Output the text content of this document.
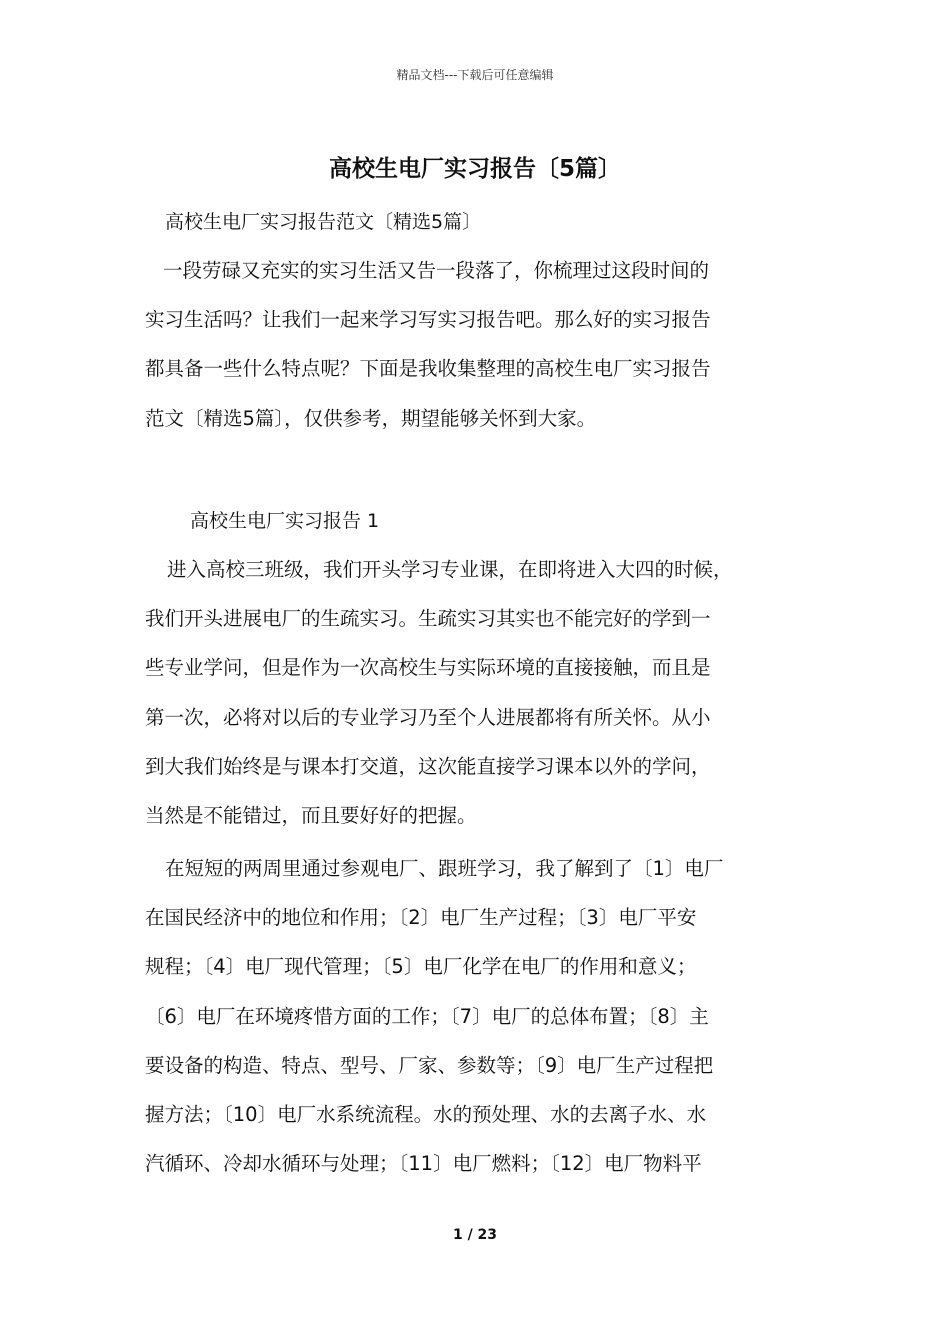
精品文档---下载后可任意编辑
高校生电厂实习报告〔5篇〕
高校生电厂实习报告范文〔精选5篇〕
一段劳碌又充实的实习生活又告一段落了，你梳理过这段时间的
实习生活吗？让我们一起来学习写实习报告吧。那么好的实习报告
都具备一些什么特点呢？下面是我收集整理的高校生电厂实习报告
范文〔精选5篇〕，仅供参考，期望能够关怀到大家。
高校生电厂实习报告 1
进入高校三班级，我们开头学习专业课，在即将进入大四的时候，
我们开头进展电厂的生疏实习。生疏实习其实也不能完好的学到一
些专业学问，但是作为一次高校生与实际环境的直接接触，而且是
第一次，必将对以后的专业学习乃至个人进展都将有所关怀。从小
到大我们始终是与课本打交道，这次能直接学习课本以外的学问，
当然是不能错过，而且要好好的把握。
在短短的两周里通过参观电厂、跟班学习，我了解到了〔1〕电厂
在国民经济中的地位和作用；〔2〕电厂生产过程；〔3〕电厂平安
规程；〔4〕电厂现代管理；〔5〕电厂化学在电厂的作用和意义；
〔6〕电厂在环境疼惜方面的工作；〔7〕电厂的总体布置；〔8〕主
要设备的构造、特点、型号、厂家、参数等；〔9〕电厂生产过程把
握方法；〔10〕电厂水系统流程。水的预处理、水的去离子水、水
汽循环、冷却水循环与处理；〔11〕电厂燃料；〔12〕电厂物料平
1 / 23
